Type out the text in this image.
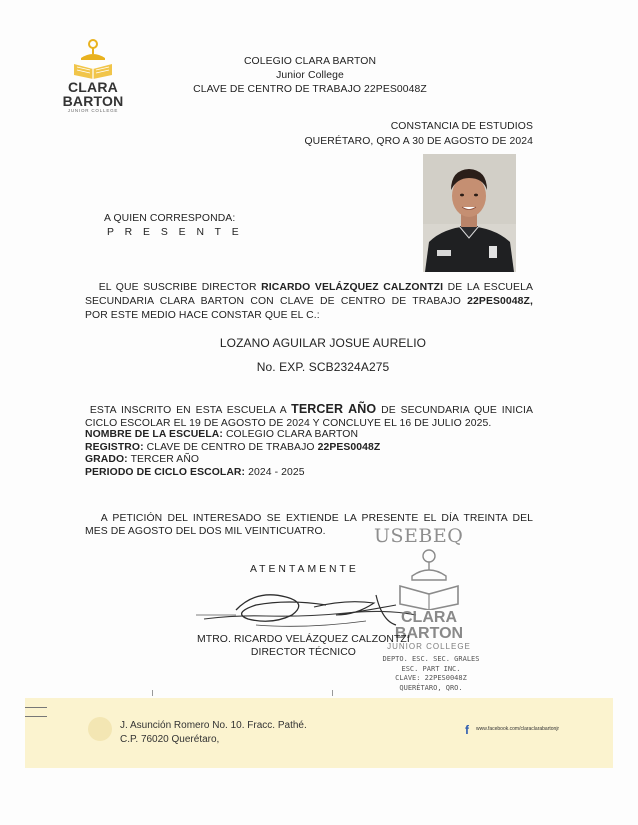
CLARA
BARTON
JUNIOR COLLEGE
COLEGIO CLARA BARTON
Junior College
CLAVE DE CENTRO DE TRABAJO 22PES0048Z
CONSTANCIA DE ESTUDIOS
QUERÉTARO, QRO A 30 DE AGOSTO DE 2024
A QUIEN CORRESPONDA:
P R E S E N T E
EL QUE SUSCRIBE DIRECTOR RICARDO VELÁZQUEZ CALZONTZI DE LA ESCUELA
SECUNDARIA CLARA BARTON CON CLAVE DE CENTRO DE TRABAJO 22PES0048Z,
POR ESTE MEDIO HACE CONSTAR QUE EL C.:
LOZANO AGUILAR JOSUE AURELIO
No. EXP. SCB2324A275
ESTA INSCRITO EN ESTA ESCUELA A TERCER AÑO DE SECUNDARIA QUE INICIA
CICLO ESCOLAR EL 19 DE AGOSTO DE 2024 Y CONCLUYE EL 16 DE JULIO 2025.
NOMBRE DE LA ESCUELA: COLEGIO CLARA BARTON
REGISTRO: CLAVE DE CENTRO DE TRABAJO 22PES0048Z
GRADO: TERCER AÑO
PERIODO DE CICLO ESCOLAR: 2024 - 2025
A PETICIÓN DEL INTERESADO SE EXTIENDE LA PRESENTE EL DÍA TREINTA DEL
MES DE AGOSTO DEL DOS MIL VEINTICUATRO.	USEBEQ
ATENTAMENTE
CLARA
BARTON
JUNIOR COLLEGE
MTRO. RICARDO VELÁZQUEZ CALZONTZI
DIRECTOR TÉCNICO
DEPTO. ESC. SEC. GRALES
ESC. PART INC.
CLAVE: 22PES0048Z
QUERÉTARO, QRO.
J. Asunción Romero No. 10. Fracc. Pathé.
C.P. 76020 Querétaro,
f	www.facebook.com/claraclarabartonjr
